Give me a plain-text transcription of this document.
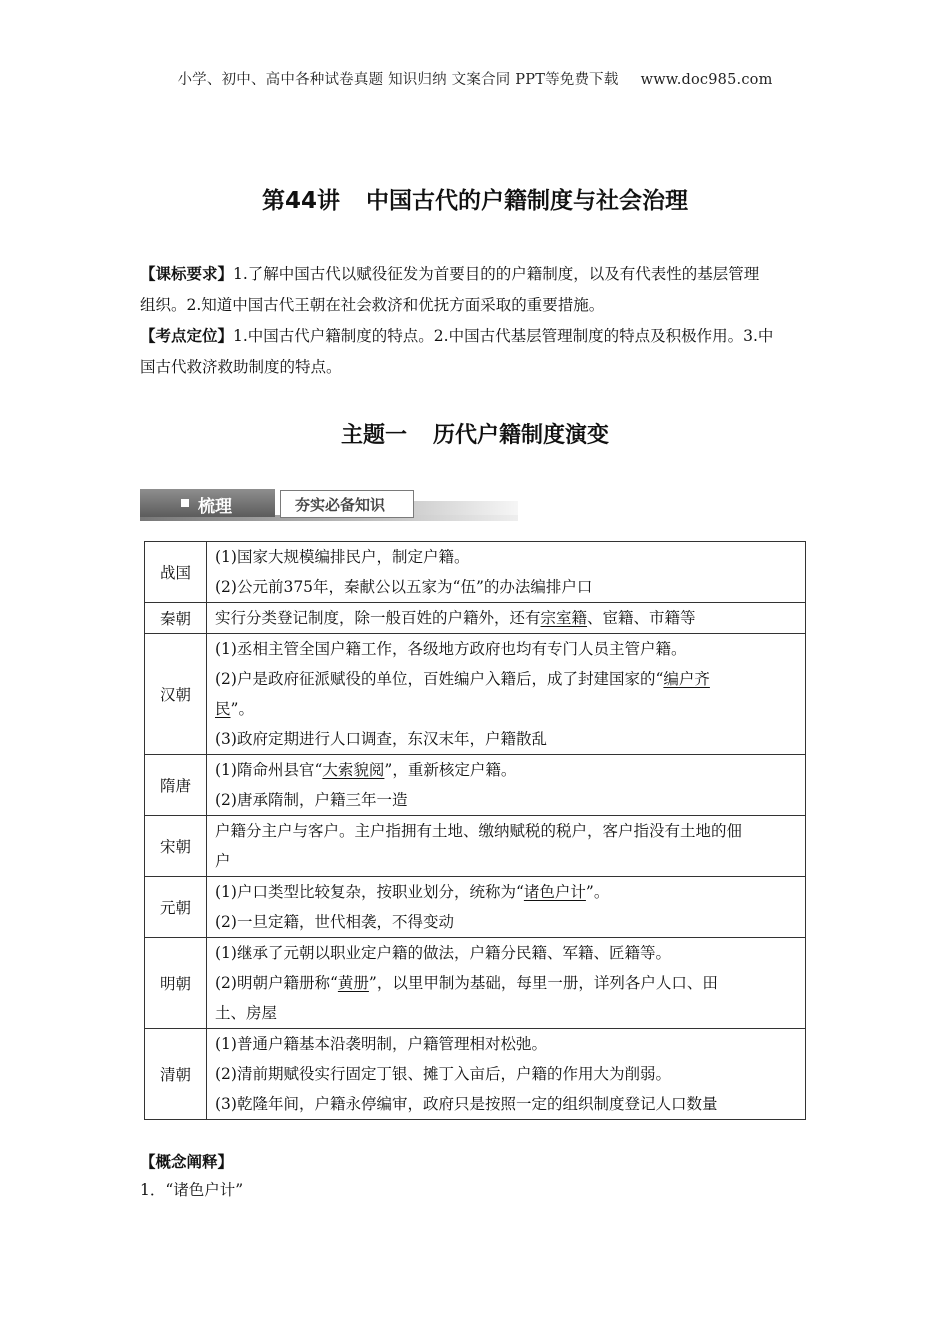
小学、初中、高中各种试卷真题 知识归纳 文案合同 PPT等免费下载 www.doc985.com
第44讲 中国古代的户籍制度与社会治理
【课标要求】1.了解中国古代以赋役征发为首要目的的户籍制度，以及有代表性的基层管理
组织。2.知道中国古代王朝在社会救济和优抚方面采取的重要措施。
【考点定位】1.中国古代户籍制度的特点。2.中国古代基层管理制度的特点及积极作用。3.中
国古代救济救助制度的特点。
主题一 历代户籍制度演变
梳理	夯实必备知识
战国	(1)国家大规模编排民户，制定户籍。
(2)公元前375年，秦献公以五家为“伍”的办法编排户口

秦朝	实行分类登记制度，除一般百姓的户籍外，还有宗室籍、宦籍、市籍等

汉朝	(1)丞相主管全国户籍工作，各级地方政府也均有专门人员主管户籍。
(2)户是政府征派赋役的单位，百姓编户入籍后，成了封建国家的“编户齐
民”。
(3)政府定期进行人口调查，东汉末年，户籍散乱

隋唐	(1)隋命州县官“大索貌阅”，重新核定户籍。
(2)唐承隋制，户籍三年一造

宋朝	户籍分主户与客户。主户指拥有土地、缴纳赋税的税户，客户指没有土地的佃
户

元朝	(1)户口类型比较复杂，按职业划分，统称为“诸色户计”。
(2)一旦定籍，世代相袭，不得变动

明朝	(1)继承了元朝以职业定户籍的做法，户籍分民籍、军籍、匠籍等。
(2)明朝户籍册称“黄册”，以里甲制为基础，每里一册，详列各户人口、田
土、房屋

清朝	(1)普通户籍基本沿袭明制，户籍管理相对松弛。
(2)清前期赋役实行固定丁银、摊丁入亩后，户籍的作用大为削弱。
(3)乾隆年间，户籍永停编审，政府只是按照一定的组织制度登记人口数量
【概念阐释】
1．“诸色户计”
